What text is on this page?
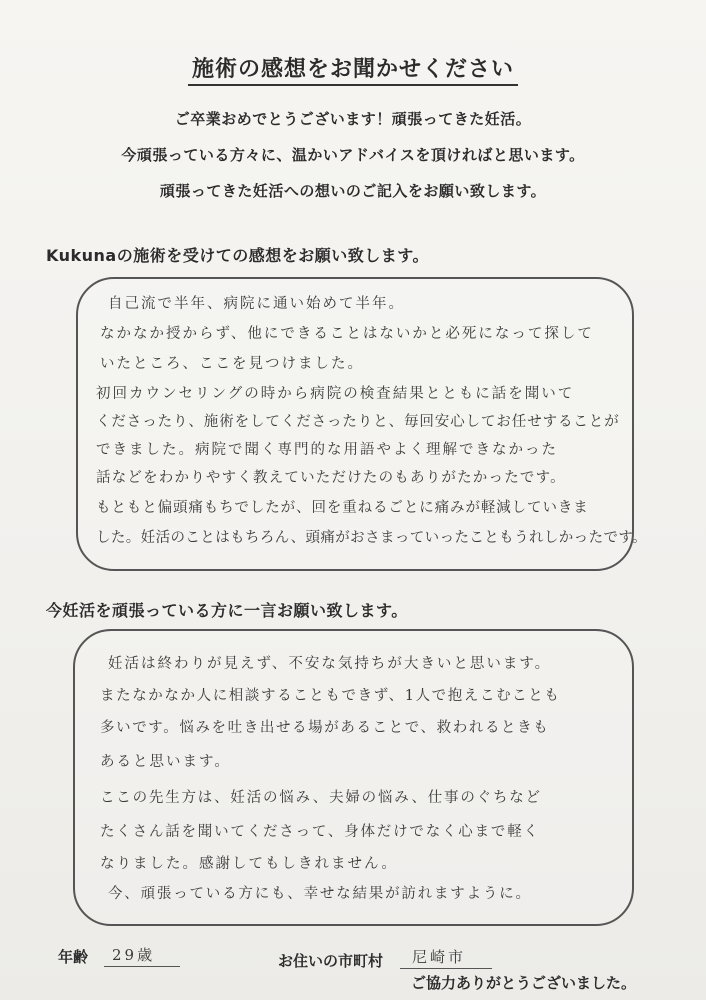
施術の感想をお聞かせください
ご卒業おめでとうございます！頑張ってきた妊活。
今頑張っている方々に、温かいアドバイスを頂ければと思います。
頑張ってきた妊活への想いのご記入をお願い致します。
Kukunaの施術を受けての感想をお願い致します。
自己流で半年、病院に通い始めて半年。
なかなか授からず、他にできることはないかと必死になって探して
いたところ、ここを見つけました。
初回カウンセリングの時から病院の検査結果とともに話を聞いて
くださったり、施術をしてくださったりと、毎回安心してお任せすることが
できました。病院で聞く専門的な用語やよく理解できなかった
話などをわかりやすく教えていただけたのもありがたかったです。
もともと偏頭痛もちでしたが、回を重ねるごとに痛みが軽減していきま
した。妊活のことはもちろん、頭痛がおさまっていったこともうれしかったです。
今妊活を頑張っている方に一言お願い致します。
妊活は終わりが見えず、不安な気持ちが大きいと思います。
またなかなか人に相談することもできず、1人で抱えこむことも
多いです。悩みを吐き出せる場があることで、救われるときも
あると思います。
ここの先生方は、妊活の悩み、夫婦の悩み、仕事のぐちなど
たくさん話を聞いてくださって、身体だけでなく心まで軽く
なりました。感謝してもしきれません。
今、頑張っている方にも、幸せな結果が訪れますように。
年齢 29歳	お住いの市町村 尼崎市
ご協力ありがとうございました。
